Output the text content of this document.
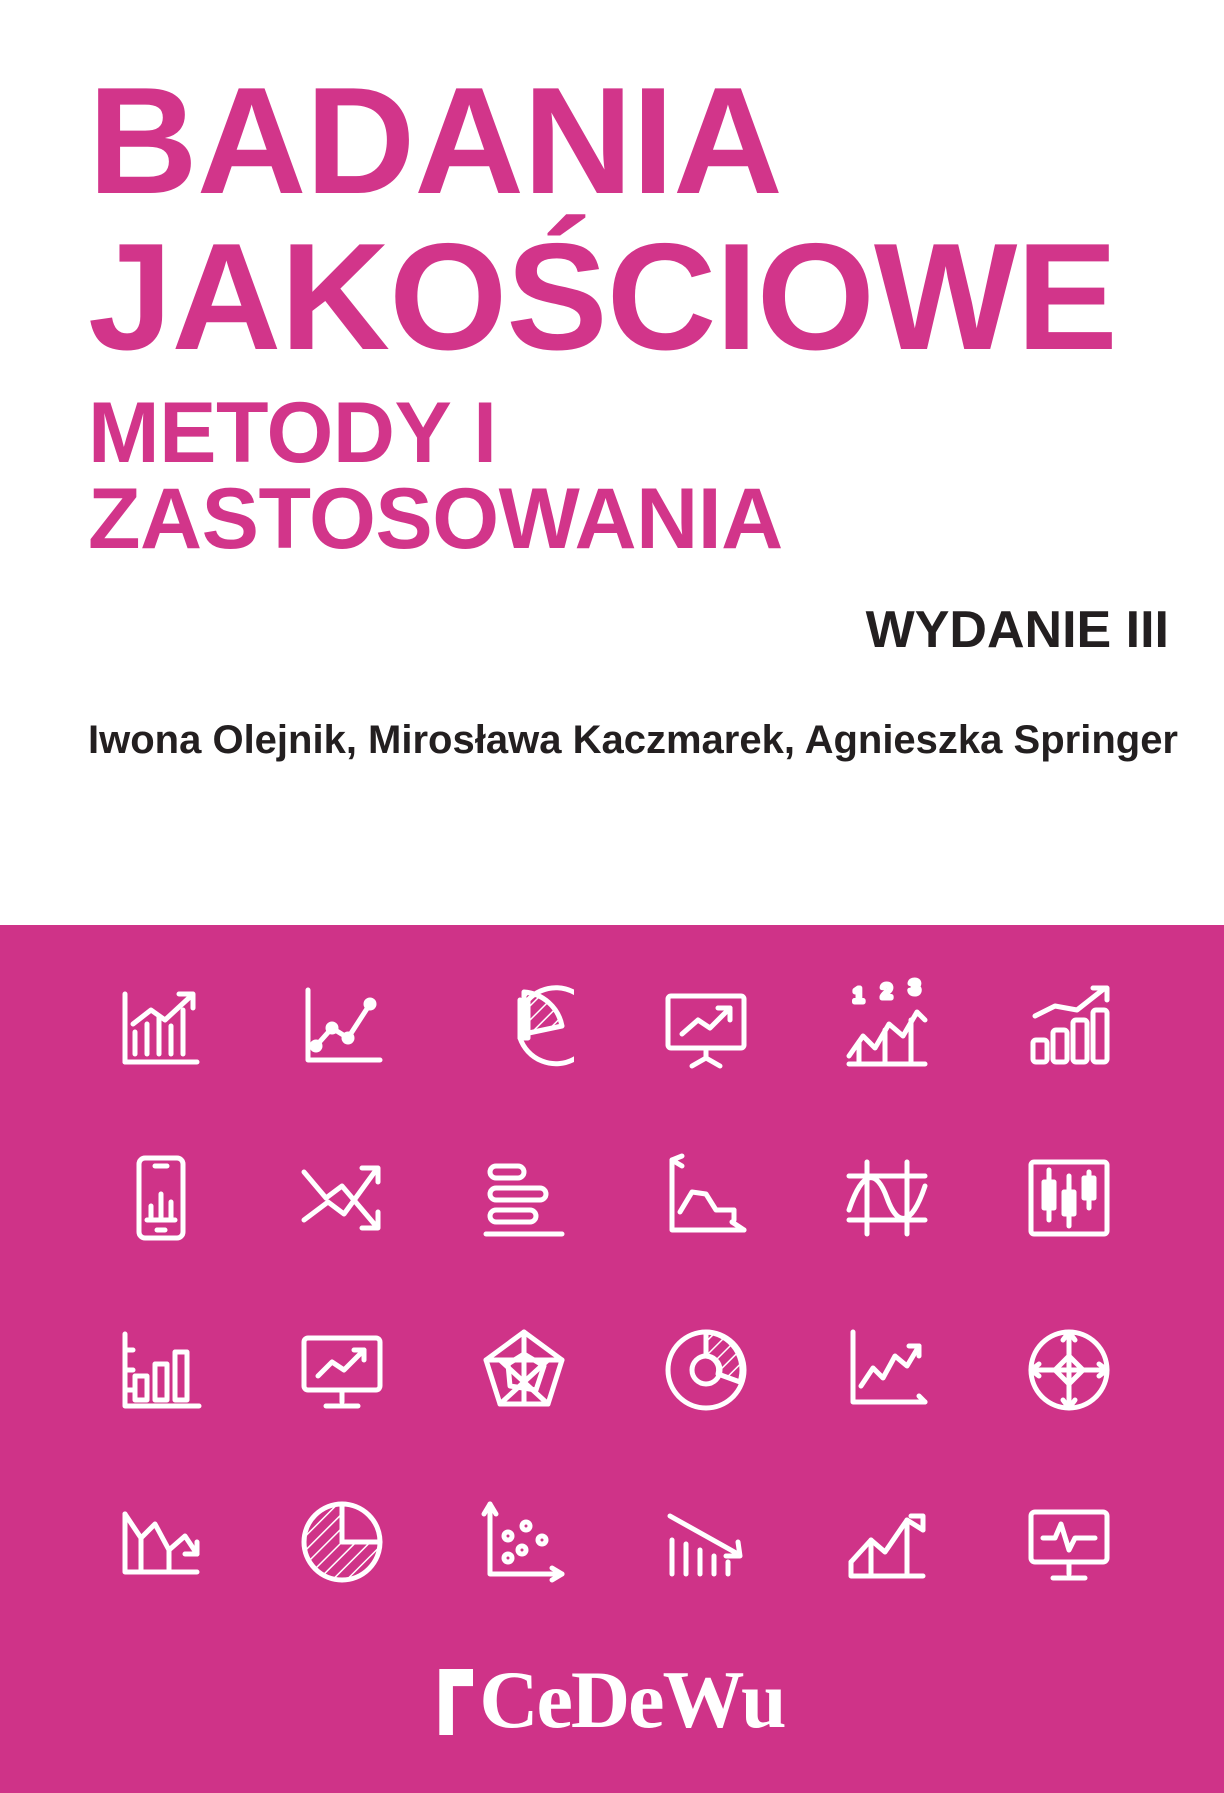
BADANIA
JAKOŚCIOWE
METODY I ZASTOSOWANIA
WYDANIE III
Iwona Olejnik, Mirosława Kaczmarek, Agnieszka Springer
1 2 3
CeDeWu
